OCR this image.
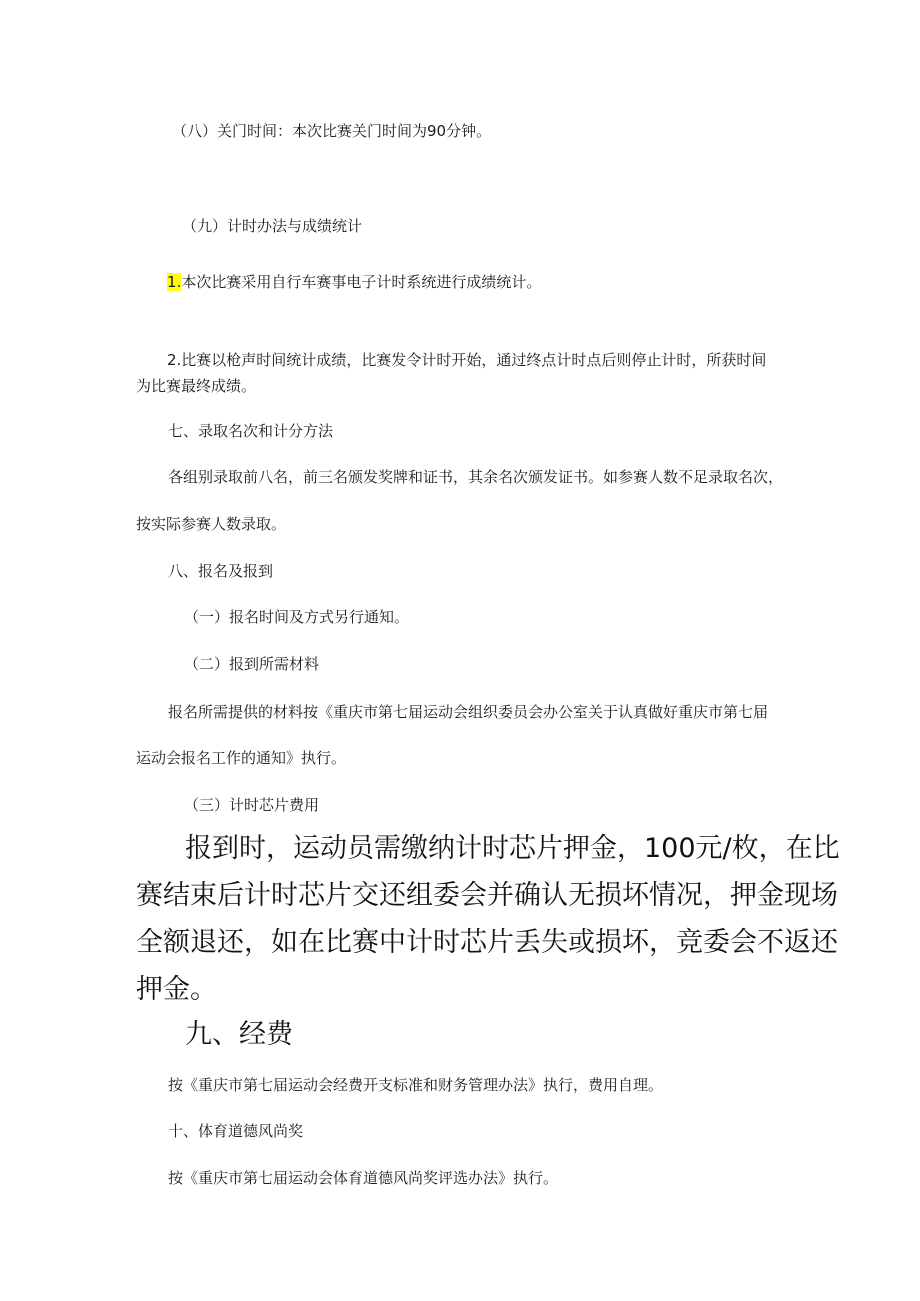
（八）关门时间：本次比赛关门时间为90分钟。
（九）计时办法与成绩统计
1.本次比赛采用自行车赛事电子计时系统进行成绩统计。
2.比赛以枪声时间统计成绩，比赛发令计时开始，通过终点计时点后则停止计时，所获时间
为比赛最终成绩。
七、录取名次和计分方法
各组别录取前八名，前三名颁发奖牌和证书，其余名次颁发证书。如参赛人数不足录取名次，
按实际参赛人数录取。
八、报名及报到
（一）报名时间及方式另行通知。
（二）报到所需材料
报名所需提供的材料按《重庆市第七届运动会组织委员会办公室关于认真做好重庆市第七届
运动会报名工作的通知》执行。
（三）计时芯片费用
报到时，运动员需缴纳计时芯片押金，100元/枚，在比
赛结束后计时芯片交还组委会并确认无损坏情况，押金现场
全额退还，如在比赛中计时芯片丢失或损坏，竞委会不返还
押金。
九、经费
按《重庆市第七届运动会经费开支标准和财务管理办法》执行，费用自理。
十、体育道德风尚奖
按《重庆市第七届运动会体育道德风尚奖评选办法》执行。
